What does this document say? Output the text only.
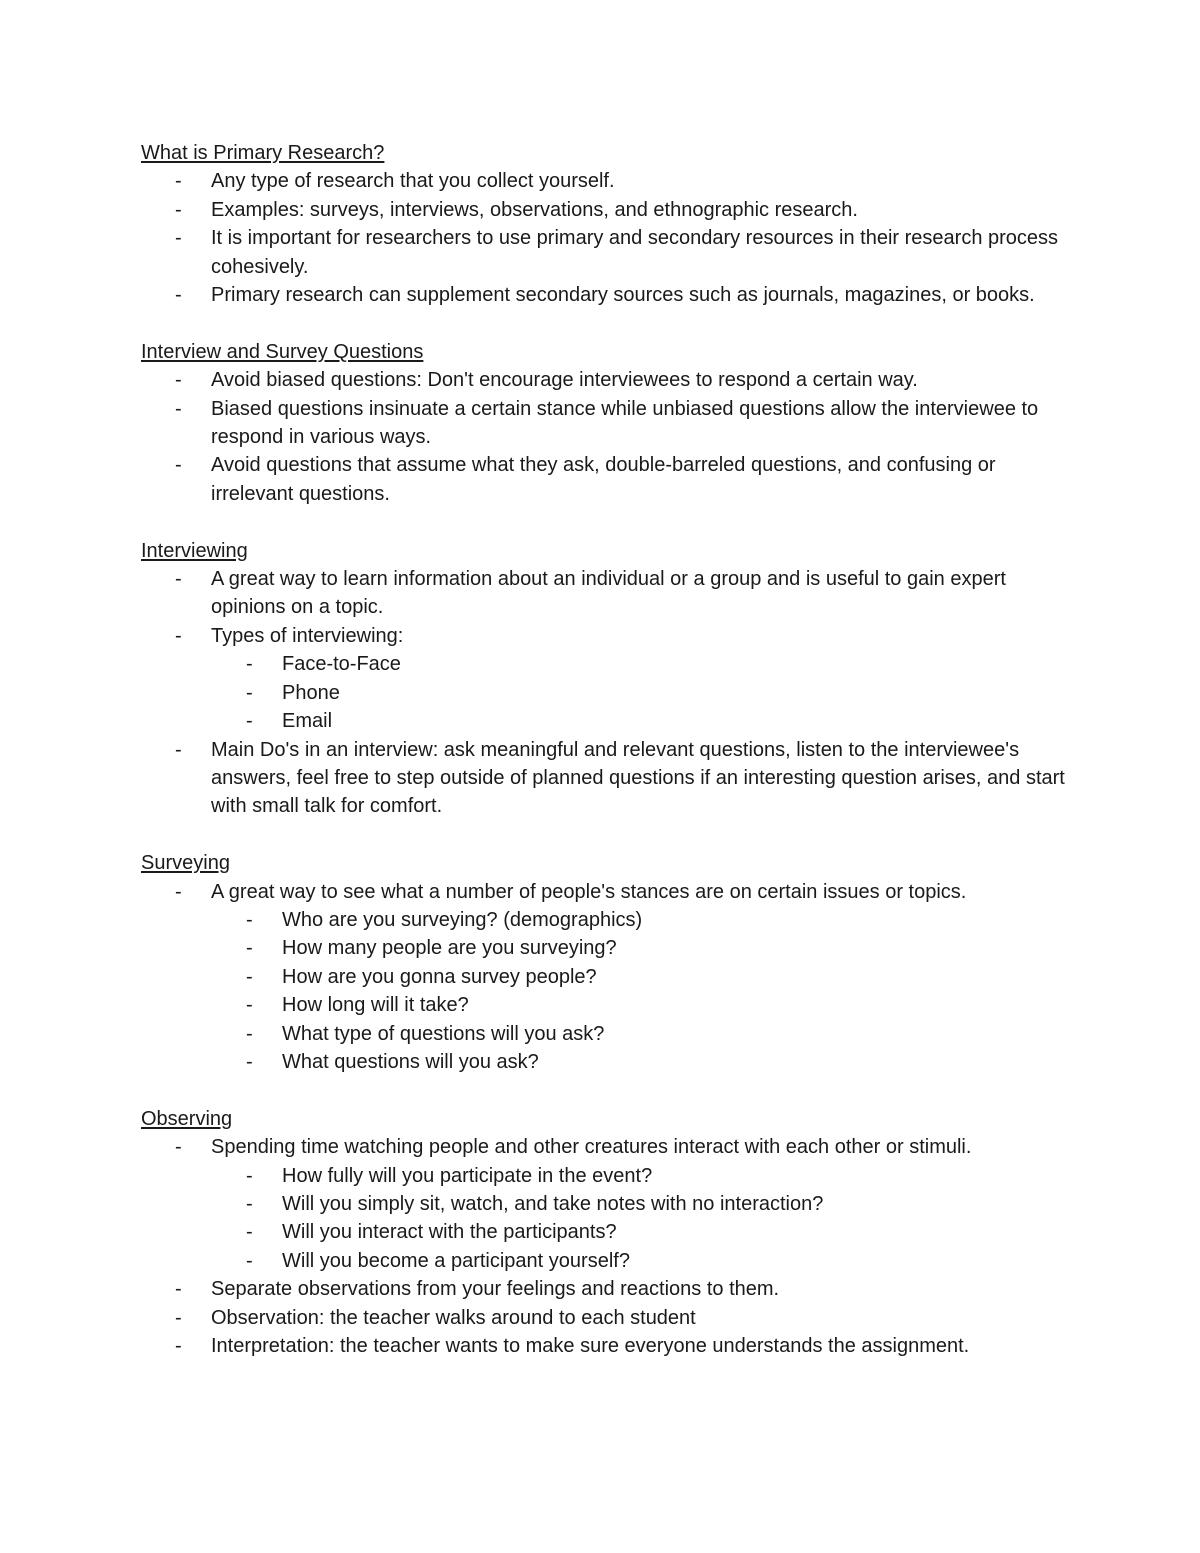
What is Primary Research?

- Any type of research that you collect yourself.
- Examples: surveys, interviews, observations, and ethnographic research.
- It is important for researchers to use primary and secondary resources in their research process cohesively.
- Primary research can supplement secondary sources such as journals, magazines, or books.

Interview and Survey Questions

- Avoid biased questions: Don't encourage interviewees to respond a certain way.
- Biased questions insinuate a certain stance while unbiased questions allow the interviewee to respond in various ways.
- Avoid questions that assume what they ask, double-barreled questions, and confusing or irrelevant questions.

Interviewing

- A great way to learn information about an individual or a group and is useful to gain expert opinions on a topic.
- Types of interviewing:
- Face-to-Face
- Phone
- Email
- Main Do's in an interview: ask meaningful and relevant questions, listen to the interviewee's answers, feel free to step outside of planned questions if an interesting question arises, and start with small talk for comfort.

Surveying

- A great way to see what a number of people's stances are on certain issues or topics.
- Who are you surveying? (demographics)
- How many people are you surveying?
- How are you gonna survey people?
- How long will it take?
- What type of questions will you ask?
- What questions will you ask?

Observing

- Spending time watching people and other creatures interact with each other or stimuli.
- How fully will you participate in the event?
- Will you simply sit, watch, and take notes with no interaction?
- Will you interact with the participants?
- Will you become a participant yourself?
- Separate observations from your feelings and reactions to them.
- Observation: the teacher walks around to each student
- Interpretation: the teacher wants to make sure everyone understands the assignment.
